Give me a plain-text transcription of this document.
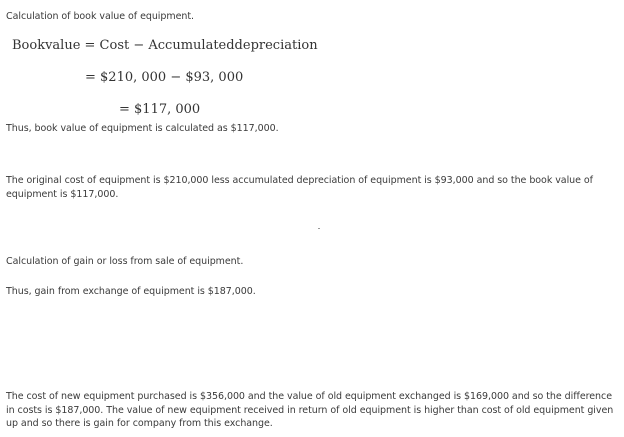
Calculation of book value of equipment.
Bookvalue = Cost − Accumulateddepreciation
= $210, 000 − $93, 000
= $117, 000
Thus, book value of equipment is calculated as $117,000.
The original cost of equipment is $210,000 less accumulated depreciation of equipment is $93,000 and so the book value of equipment is $117,000.
Calculation of gain or loss from sale of equipment.
Thus, gain from exchange of equipment is $187,000.
The cost of new equipment purchased is $356,000 and the value of old equipment exchanged is $169,000 and so the difference in costs is $187,000. The value of new equipment received in return of old equipment is higher than cost of old equipment given up and so there is gain for company from this exchange.
